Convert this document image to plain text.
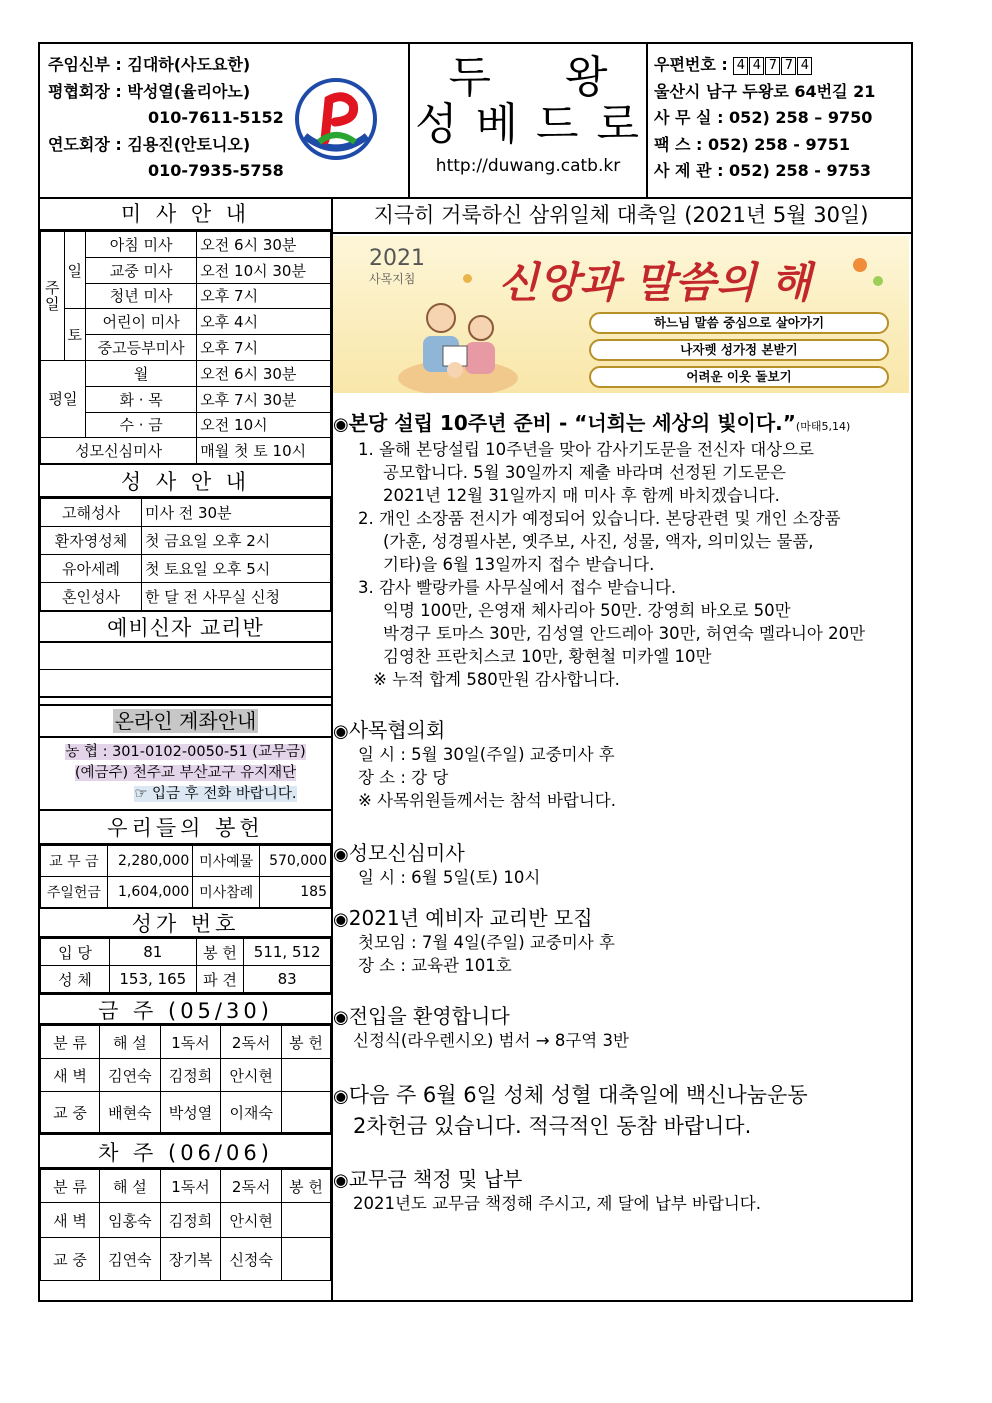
주임신부 : 김대하(사도요한)
평협회장 : 박성열(율리아노)
010-7611-5152
연도회장 : 김용진(안토니오)
010-7935-5758
두 왕
성 베 드 로
http://duwang.catb.kr
우편번호 : 4 4 7 7 4
울산시 남구 두왕로 64번길 21
사 무 실 : 052) 258 – 9750
팩 스 : 052) 258 - 9751
사 제 관 : 052) 258 - 9753
미 사 안 내
주일	일	아침 미사	오전 6시 30분
		교중 미사	오전 10시 30분
		청년 미사	오후 7시
	토	어린이 미사	오후 4시
		중고등부미사	오후 7시
평일		월	오전 6시 30분
		화 · 목	오후 7시 30분
		수 · 금	오전 10시
성모신심미사			매월 첫 토 10시
성 사 안 내
고해성사	미사 전 30분
환자영성체	첫 금요일 오후 2시
유아세례	첫 토요일 오후 5시
혼인성사	한 달 전 사무실 신청
예비신자 교리반
온라인 계좌안내
농 협 : 301-0102-0050-51 (교무금)
(예금주) 천주교 부산교구 유지재단
☞ 입금 후 전화 바랍니다.
우리들의 봉헌
교 무 금	2,280,000	미사예물	570,000
주일헌금	1,604,000	미사참례	185
성가 번호
입 당	81	봉 헌	511, 512
성 체	153, 165	파 견	83
금 주 (05/30)
분 류	해 설	1독서	2독서	봉 헌
새 벽	김연숙	김정희	안시현	
교 중	배현숙	박성열	이재숙	
차 주 (06/06)
분 류	해 설	1독서	2독서	봉 헌
새 벽	임홍숙	김정희	안시현	
교 중	김연숙	장기복	신정숙	
지극히 거룩하신 삼위일체 대축일 (2021년 5월 30일)
2021
사목지침 신앙과 말씀의 해
하느님 말씀 중심으로 살아가기
나자렛 성가정 본받기
어려운 이웃 돌보기
◉본당 설립 10주년 준비 - “너희는 세상의 빛이다.”(마태5,14)
1. 올해 본당설립 10주년을 맞아 감사기도문을 전신자 대상으로
공모합니다. 5월 30일까지 제출 바라며 선정된 기도문은
2021년 12월 31일까지 매 미사 후 함께 바치겠습니다.
2. 개인 소장품 전시가 예정되어 있습니다. 본당관련 및 개인 소장품
(가훈, 성경필사본, 옛주보, 사진, 성물, 액자, 의미있는 물품,
기타)을 6월 13일까지 접수 받습니다.
3. 감사 빨랑카를 사무실에서 접수 받습니다.
익명 100만, 은영재 체사리아 50만. 강영희 바오로 50만
박경구 토마스 30만, 김성열 안드레아 30만, 허연숙 멜라니아 20만
김영찬 프란치스코 10만, 황현철 미카엘 10만
※ 누적 합계 580만원 감사합니다.
◉사목협의회
일 시 : 5월 30일(주일) 교중미사 후
장 소 : 강 당
※ 사목위원들께서는 참석 바랍니다.
◉성모신심미사
일 시 : 6월 5일(토) 10시
◉2021년 예비자 교리반 모집
첫모임 : 7월 4일(주일) 교중미사 후
장 소 : 교육관 101호
◉전입을 환영합니다
신정식(라우렌시오) 범서 → 8구역 3반
◉다음 주 6월 6일 성체 성혈 대축일에 백신나눔운동
2차헌금 있습니다. 적극적인 동참 바랍니다.
◉교무금 책정 및 납부
2021년도 교무금 책정해 주시고, 제 달에 납부 바랍니다.
